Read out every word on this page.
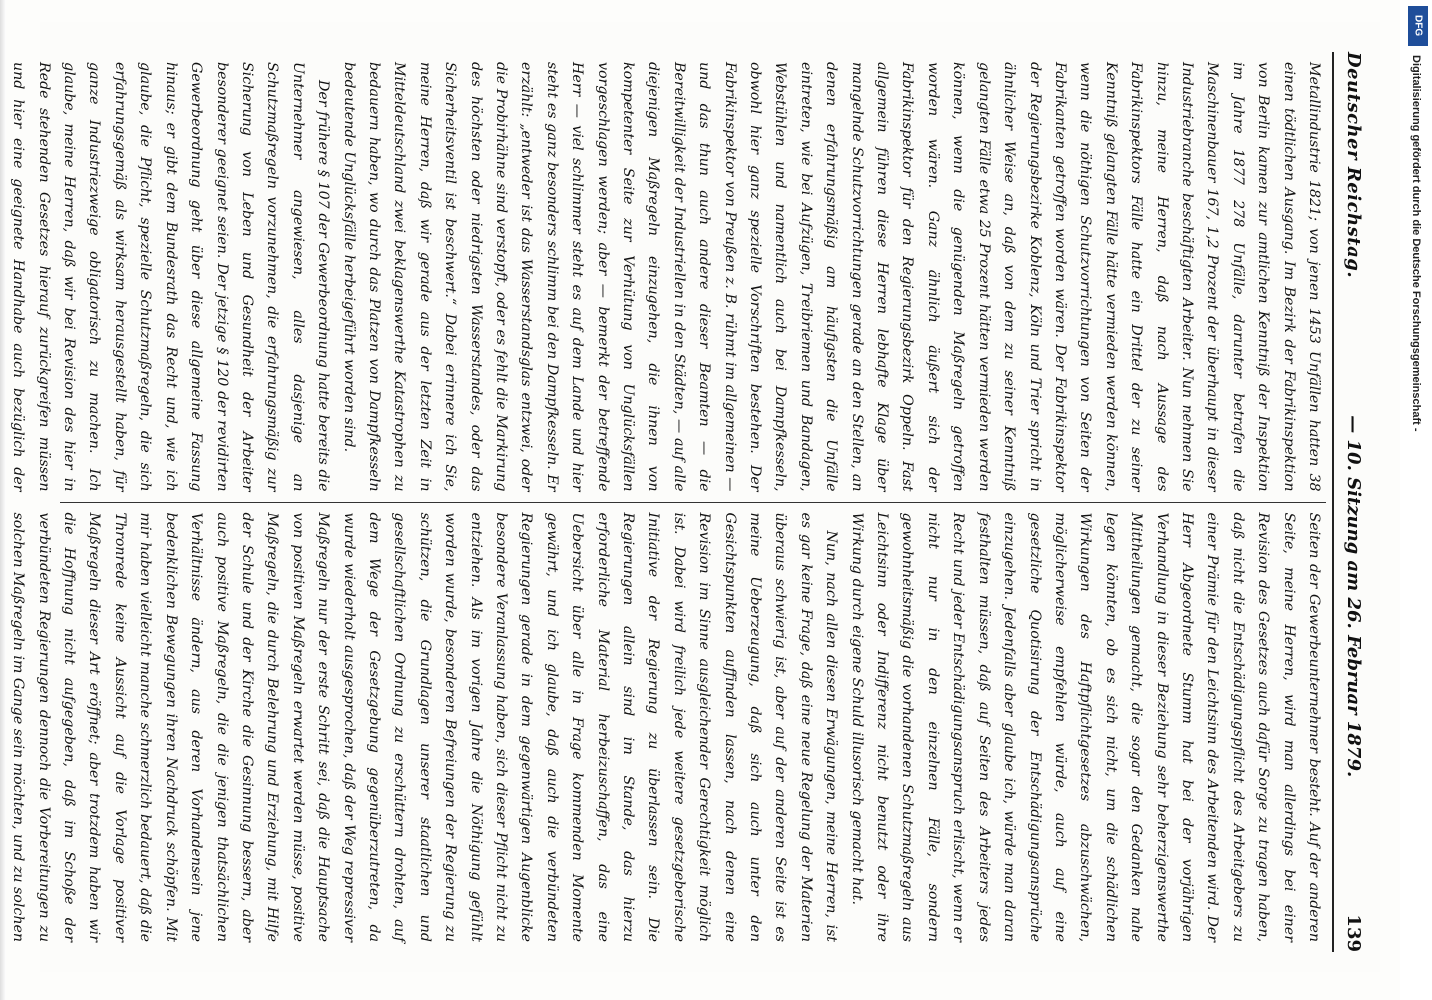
Deutscher Reichstag.
— 10. Sitzung am 26. Februar 1879.
139

Metallindustrie 1821; von jenen 1453 Unfällen hatten 38 einen tödtlichen Ausgang. Im Bezirk der Fabrikinspektion von Berlin kamen zur amtlichen Kenntniß der Inspektion im Jahre 1877 278 Unfälle, darunter betrafen die Maschinenbauer 167, 1,2 Prozent der überhaupt in dieser Industriebranche beschäftigten Arbeiter. Nun nehmen Sie hinzu, meine Herren, daß nach Aussage des Fabrikinspektors Fälle hatte ein Drittel der zu seiner Kenntniß gelangten Fälle hätte vermieden werden können, wenn die nöthigen Schutzvorrichtungen von Seiten der Fabrikanten getroffen worden wären. Der Fabrikinspektor der Regierungsbezirke Koblenz, Köln und Trier spricht in ähnlicher Weise an, daß von dem zu seiner Kenntniß gelangten Fälle etwa 25 Prozent hätten vermieden werden können, wenn die genügenden Maßregeln getroffen worden wären. Ganz ähnlich äußert sich der Fabrikinspektor für den Regierungsbezirk Oppeln. Fast allgemein führen diese Herren lebhafte Klage über mangelnde Schutzvorrichtungen gerade an den Stellen, an denen erfahrungsmäßig am häufigsten die Unfälle eintreten, wie bei Aufzügen, Treibriemen und Bandagen, Webstühlen und namentlich auch bei Dampfkesseln, obwohl hier ganz spezielle Vorschriften bestehen. Der Fabrikinspektor von Preußen z. B. rühmt im allgemeinen — und das thun auch andere dieser Beamten — die Bereitwilligkeit der Industriellen in den Städten, — auf alle diejenigen Maßregeln einzugehen, die ihnen von kompetenter Seite zur Verhütung von Unglücksfällen vorgeschlagen werden; aber — bemerkt der betreffende Herr — viel schlimmer steht es auf dem Lande und hier steht es ganz besonders schlimm bei den Dampfkesseln. Er erzählt: „entweder ist das Wasserstandsglas entzwei, oder die Probirhähne sind verstopft, oder es fehlt die Markirung des höchsten oder niedrigsten Wasserstandes, oder das Sicherheitsventil ist beschwert.“ Dabei erinnere ich Sie, meine Herren, daß wir gerade aus der letzten Zeit in Mitteldeutschland zwei beklagenswerthe Katastrophen zu bedauern haben, wo durch das Platzen von Dampfkesseln bedeutende Unglücksfälle herbeigeführt worden sind.

Der frühere § 107 der Gewerbeordnung hatte bereits die Unternehmer angewiesen, alles dasjenige an Schutzmaßregeln vorzunehmen, die erfahrungsmäßig zur Sicherung von Leben und Gesundheit der Arbeiter besonderer geeignet seien. Der jetzige § 120 der revidirten Gewerbeordnung geht über diese allgemeine Fassung hinaus; er gibt dem Bundesrath das Recht und, wie ich glaube, die Pflicht, spezielle Schutzmaßregeln, die sich erfahrungsgemäß als wirksam herausgestellt haben, für ganze Industriezweige obligatorisch zu machen. Ich glaube, meine Herren, daß wir bei Revision des hier in Rede stehenden Gesetzes hierauf zurückgreifen müssen und hier eine geeignete Handhabe auch bezüglich der

Seiten der Gewerbeunternehmer besteht. Auf der anderen Seite, meine Herren, wird man allerdings bei einer Revision des Gesetzes auch dafür Sorge zu tragen haben, daß nicht die Entschädigungspflicht des Arbeitgebers zu einer Prämie für den Leichtsinn des Arbeitenden wird. Der Herr Abgeordnete Stumm hat bei der vorjährigen Verhandlung in dieser Beziehung sehr beherzigenswerthe Mittheilungen gemacht, die sogar den Gedanken nahe legen könnten, ob es sich nicht, um die schädlichen Wirkungen des Haftpflichtgesetzes abzuschwächen, möglicherweise empfehlen würde, auch auf eine gesetzliche Quotisirung der Entschädigungsansprüche einzugehen. Jedenfalls aber glaube ich, würde man daran festhalten müssen, daß auf Seiten des Arbeiters jedes Recht und jeder Entschädigungsanspruch erlischt, wenn er nicht nur in den einzelnen Fälle, sondern gewohnheitsmäßig die vorhandenen Schutzmaßregeln aus Leichtsinn oder Indifferenz nicht benutzt oder ihre Wirkung durch eigene Schuld illusorisch gemacht hat.

Nun, nach allen diesen Erwägungen, meine Herren, ist es gar keine Frage, daß eine neue Regelung der Materien überaus schwierig ist, aber auf der anderen Seite ist es meine Ueberzeugung, daß sich auch unter den Gesichtspunkten auffinden lassen, nach denen eine Revision im Sinne ausgleichender Gerechtigkeit möglich ist. Dabei wird freilich jede weitere gesetzgeberische Initiative der Regierung zu überlassen sein. Die Regierungen allein sind im Stande, das hierzu erforderliche Material herbeizuschaffen, das eine Uebersicht über alle in Frage kommenden Momente gewährt, und ich glaube, daß auch die verbündeten Regierungen gerade in dem gegenwärtigen Augenblicke besondere Veranlassung haben, sich dieser Pflicht nicht zu entziehen. Als im vorigen Jahre die Nöthigung gefühlt worden wurde, besonderen Befreiungen der Regierung zu schützen, die Grundlagen unserer staatlichen und gesellschaftlichen Ordnung zu erschüttern drohten, auf dem Wege der Gesetzgebung gegenüberzutreten, da wurde wiederholt ausgesprochen, daß der Weg repressiver Maßregeln nur der erste Schritt sei, daß die Hauptsache von positiven Maßregeln erwartet werden müsse, positive Maßregeln, die durch Belehrung und Erziehung, mit Hilfe der Schule und der Kirche die Gesinnung bessern, aber auch positive Maßregeln, die die jenigen thatsächlichen Verhältnisse ändern, aus deren Vorhandensein jene bedenklichen Bewegungen ihren Nachdruck schöpfen. Mit mir haben vielleicht manche schmerzlich bedauert, daß die Thronrede keine Aussicht auf die Vorlage positiver Maßregeln dieser Art eröffnet; aber trotzdem haben wir die Hoffnung nicht aufgegeben, daß im Schoße der verbündeten Regierungen dennoch die Vorbereitungen zu solchen Maßregeln im Gange sein möchten, und zu solchen

DFG
Digitalisierung gefördert durch die Deutsche Forschungsgemeinschaft -
